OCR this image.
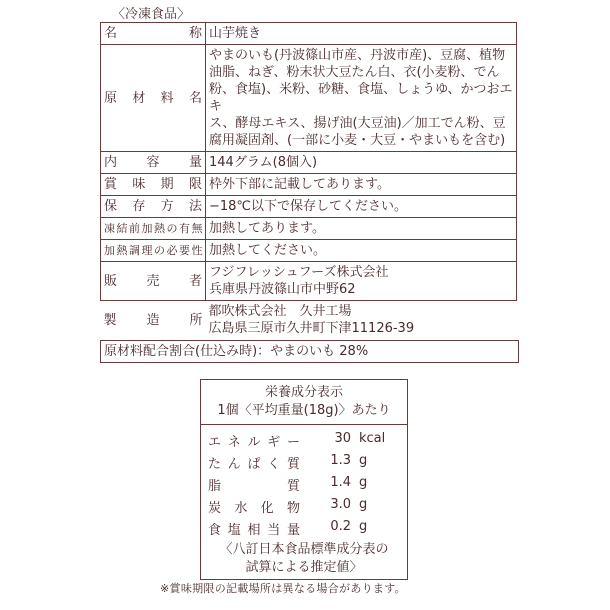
〈冷凍食品〉
名称	山芋焼き

原材料名	やまのいも(丹波篠山市産、丹波市産)、豆腐、植物
油脂、ねぎ、粉末状大豆たん白、衣(小麦粉、でん
粉、食塩)、米粉、砂糖、食塩、しょうゆ、かつおエキ
ス、酵母エキス、揚げ油(大豆油)／加工でん粉、豆
腐用凝固剤、(一部に小麦・大豆・やまいもを含む)

内容量	144グラム(8個入)

賞味期限	枠外下部に記載してあります。

保存方法	−18℃以下で保存してください。

凍結前加熱の有無	加熱してあります。

加熱調理の必要性	加熱してください。

販売者	フジフレッシュフーズ株式会社
兵庫県丹波篠山市中野62

製造所	都吹株式会社　久井工場
広島県三原市久井町下津11126-39
原材料配合割合(仕込み時)：やまのいも 28%
栄養成分表示
1個〈平均重量(18g)〉あたり
エネルギー	30 kcal
たんぱく質	1.3 g
脂質	1.4 g
炭水化物	3.0 g
食塩相当量	0.2 g
〈八訂日本食品標準成分表の
試算による推定値〉
※賞味期限の記載場所は異なる場合があります。
